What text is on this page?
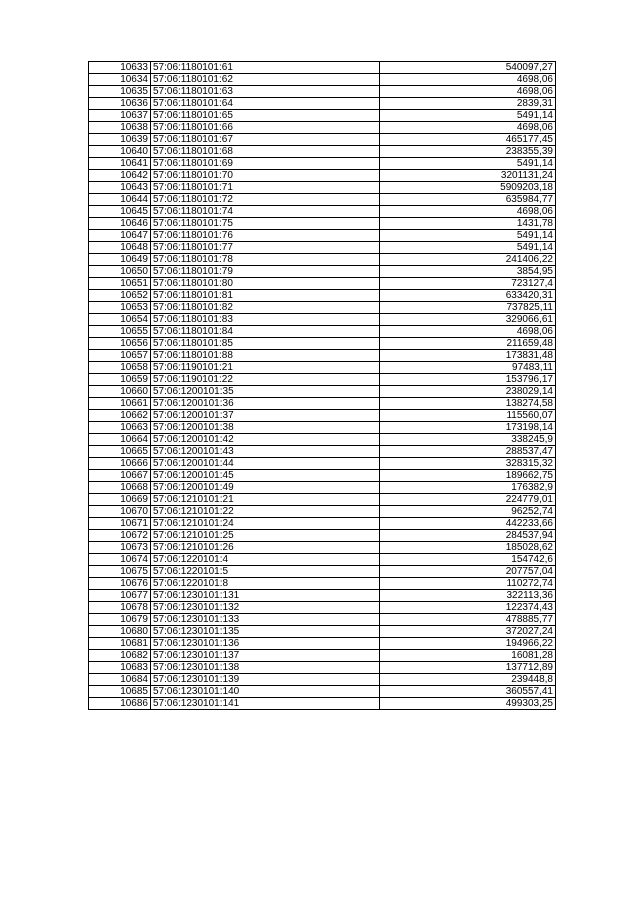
10633	57:06:1180101:61	540097,27
10634	57:06:1180101:62	4698,06
10635	57:06:1180101:63	4698,06
10636	57:06:1180101:64	2839,31
10637	57:06:1180101:65	5491,14
10638	57:06:1180101:66	4698,06
10639	57:06:1180101:67	465177,45
10640	57:06:1180101:68	238355,39
10641	57:06:1180101:69	5491,14
10642	57:06:1180101:70	3201131,24
10643	57:06:1180101:71	5909203,18
10644	57:06:1180101:72	635984,77
10645	57:06:1180101:74	4698,06
10646	57:06:1180101:75	1431,78
10647	57:06:1180101:76	5491,14
10648	57:06:1180101:77	5491,14
10649	57:06:1180101:78	241406,22
10650	57:06:1180101:79	3854,95
10651	57:06:1180101:80	723127,4
10652	57:06:1180101:81	633420,31
10653	57:06:1180101:82	737825,11
10654	57:06:1180101:83	329066,61
10655	57:06:1180101:84	4698,06
10656	57:06:1180101:85	211659,48
10657	57:06:1180101:88	173831,48
10658	57:06:1190101:21	97483,11
10659	57:06:1190101:22	153796,17
10660	57:06:1200101:35	238029,14
10661	57:06:1200101:36	138274,58
10662	57:06:1200101:37	115560,07
10663	57:06:1200101:38	173198,14
10664	57:06:1200101:42	338245,9
10665	57:06:1200101:43	288537,47
10666	57:06:1200101:44	328315,32
10667	57:06:1200101:45	189662,75
10668	57:06:1200101:49	176382,9
10669	57:06:1210101:21	224779,01
10670	57:06:1210101:22	96252,74
10671	57:06:1210101:24	442233,66
10672	57:06:1210101:25	284537,94
10673	57:06:1210101:26	185028,62
10674	57:06:1220101:4	154742,6
10675	57:06:1220101:5	207757,04
10676	57:06:1220101:8	110272,74
10677	57:06:1230101:131	322113,36
10678	57:06:1230101:132	122374,43
10679	57:06:1230101:133	478885,77
10680	57:06:1230101:135	372027,24
10681	57:06:1230101:136	194966,22
10682	57:06:1230101:137	16081,28
10683	57:06:1230101:138	137712,89
10684	57:06:1230101:139	239448,8
10685	57:06:1230101:140	360557,41
10686	57:06:1230101:141	499303,25
